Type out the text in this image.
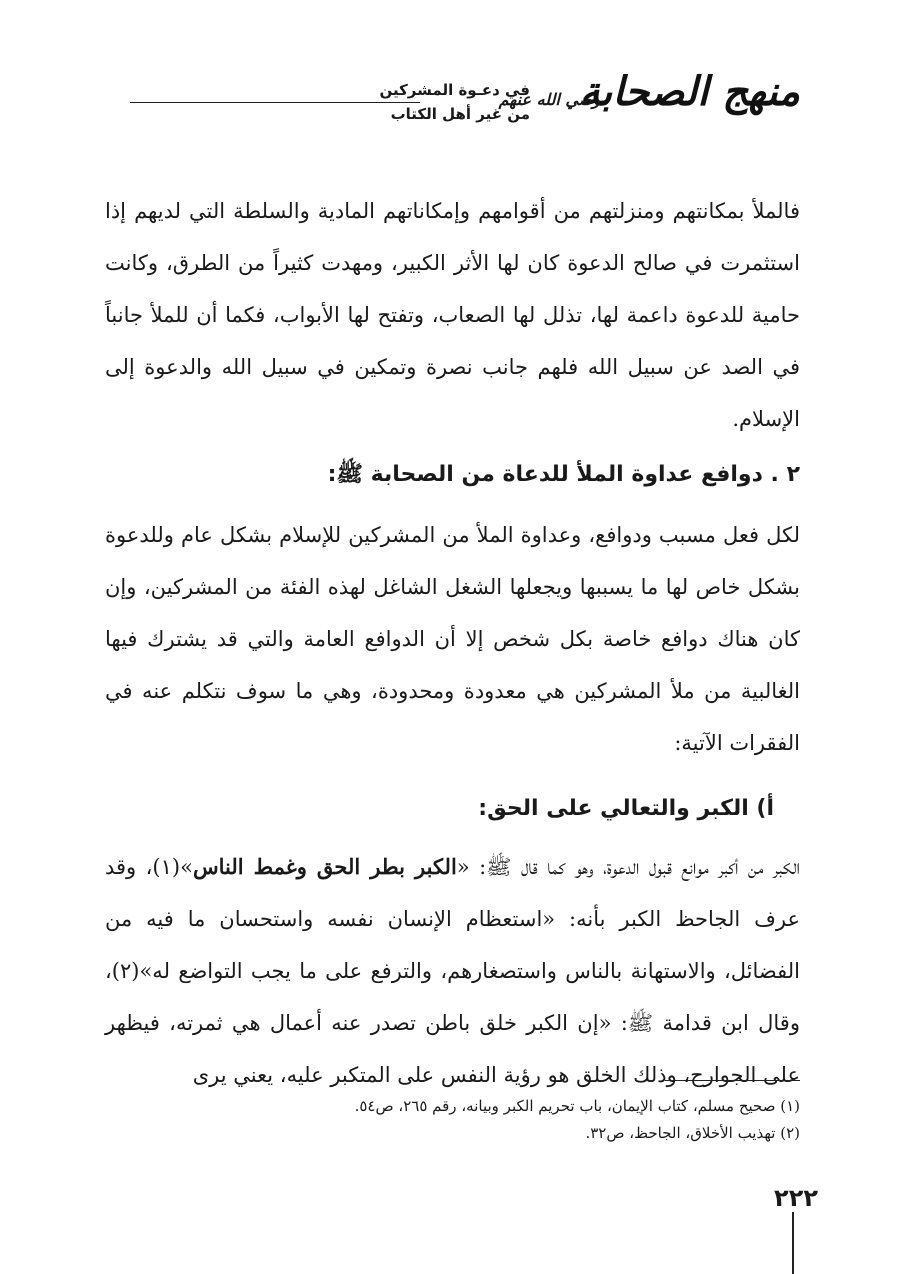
منهج الصحابة
رضي الله عنهم
في دعـوة المشركين
من غير أهل الكتاب

فالملأ بمكانتهم ومنزلتهم من أقوامهم وإمكاناتهم المادية والسلطة التي لديهم إذا استثمرت في صالح الدعوة كان لها الأثر الكبير، ومهدت كثيراً من الطرق، وكانت حامية للدعوة داعمة لها، تذلل لها الصعاب، وتفتح لها الأبواب، فكما أن للملأ جانباً في الصد عن سبيل الله فلهم جانب نصرة وتمكين في سبيل الله والدعوة إلى الإسلام.

٢ . دوافع عداوة الملأ للدعاة من الصحابة ﷺ:

لكل فعل مسبب ودوافع، وعداوة الملأ من المشركين للإسلام بشكل عام وللدعوة بشكل خاص لها ما يسببها ويجعلها الشغل الشاغل لهذه الفئة من المشركين، وإن كان هناك دوافع خاصة بكل شخص إلا أن الدوافع العامة والتي قد يشترك فيها الغالبية من ملأ المشركين هي معدودة ومحدودة، وهي ما سوف نتكلم عنه في الفقرات الآتية:

أ) الكبر والتعالي على الحق:

الكبر من أكبر موانع قبول الدعوة، وهو كما قال ﷺ: «الكبر بطر الحق وغمط الناس»(١)، وقد عرف الجاحظ الكبر بأنه: «استعظام الإنسان نفسه واستحسان ما فيه من الفضائل، والاستهانة بالناس واستصغارهم، والترفع على ما يجب التواضع له»(٢)، وقال ابن قدامة ﷺ: «إن الكبر خلق باطن تصدر عنه أعمال هي ثمرته، فيظهر على الجوارح، وذلك الخلق هو رؤية النفس على المتكبر عليه، يعني يرى

(١) صحيح مسلم، كتاب الإيمان، باب تحريم الكبر وبيانه، رقم ٢٦٥، ص٥٤.

(٢) تهذيب الأخلاق، الجاحظ، ص٣٢.

٢٢٢
